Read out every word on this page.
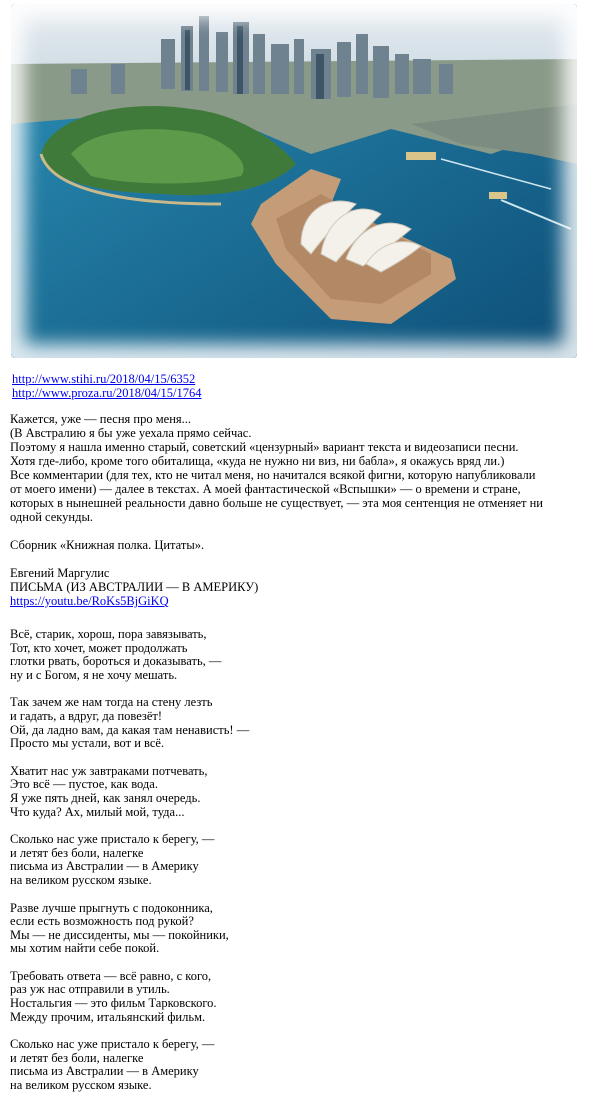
http://www.stihi.ru/2018/04/15/6352
http://www.proza.ru/2018/04/15/1764

Кажется, уже — песня про меня...

(В Австралию я бы уже уехала прямо сейчас.

Поэтому я нашла именно старый, советский «цензурный» вариант текста и видеозаписи песни.

Хотя где-либо, кроме того обиталища, «куда не нужно ни виз, ни бабла», я окажусь вряд ли.)

Все комментарии (для тех, кто не читал меня, но начитался всякой фигни, которую напубликовали

от моего имени) — далее в текстах. А моей фантастической «Вспышки» — о времени и стране,

которых в нынешней реальности давно больше не существует, — эта моя сентенция не отменяет ни

одной секунды.

Сборник «Книжная полка. Цитаты».
Евгений Маргулис
ПИСЬМА (ИЗ АВСТРАЛИИ — В АМЕРИКУ)
https://youtu.be/RoKs5BjGiKQ
Всё, старик, хорош, пора завязывать,
Тот, кто хочет, может продолжать
глотки рвать, бороться и доказывать, —
ну и с Богом, я не хочу мешать.
Так зачем же нам тогда на стену лезть
и гадать, а вдруг, да повезёт!
Ой, да ладно вам, да какая там ненависть! —
Просто мы устали, вот и всё.
Хватит нас уж завтраками потчевать,
Это всё — пустое, как вода.
Я уже пять дней, как занял очередь.
Что куда? Ах, милый мой, туда...
Сколько нас уже пристало к берегу, —
и летят без боли, налегке
письма из Австралии — в Америку
на великом русском языке.
Разве лучше прыгнуть с подоконника,
если есть возможность под рукой?
Мы — не диссиденты, мы — покойники,
мы хотим найти себе покой.
Требовать ответа — всё равно, с кого,
раз уж нас отправили в утиль.
Ностальгия — это фильм Тарковского.
Между прочим, итальянский фильм.
Сколько нас уже пристало к берегу, —
и летят без боли, налегке
письма из Австралии — в Америку
на великом русском языке.
